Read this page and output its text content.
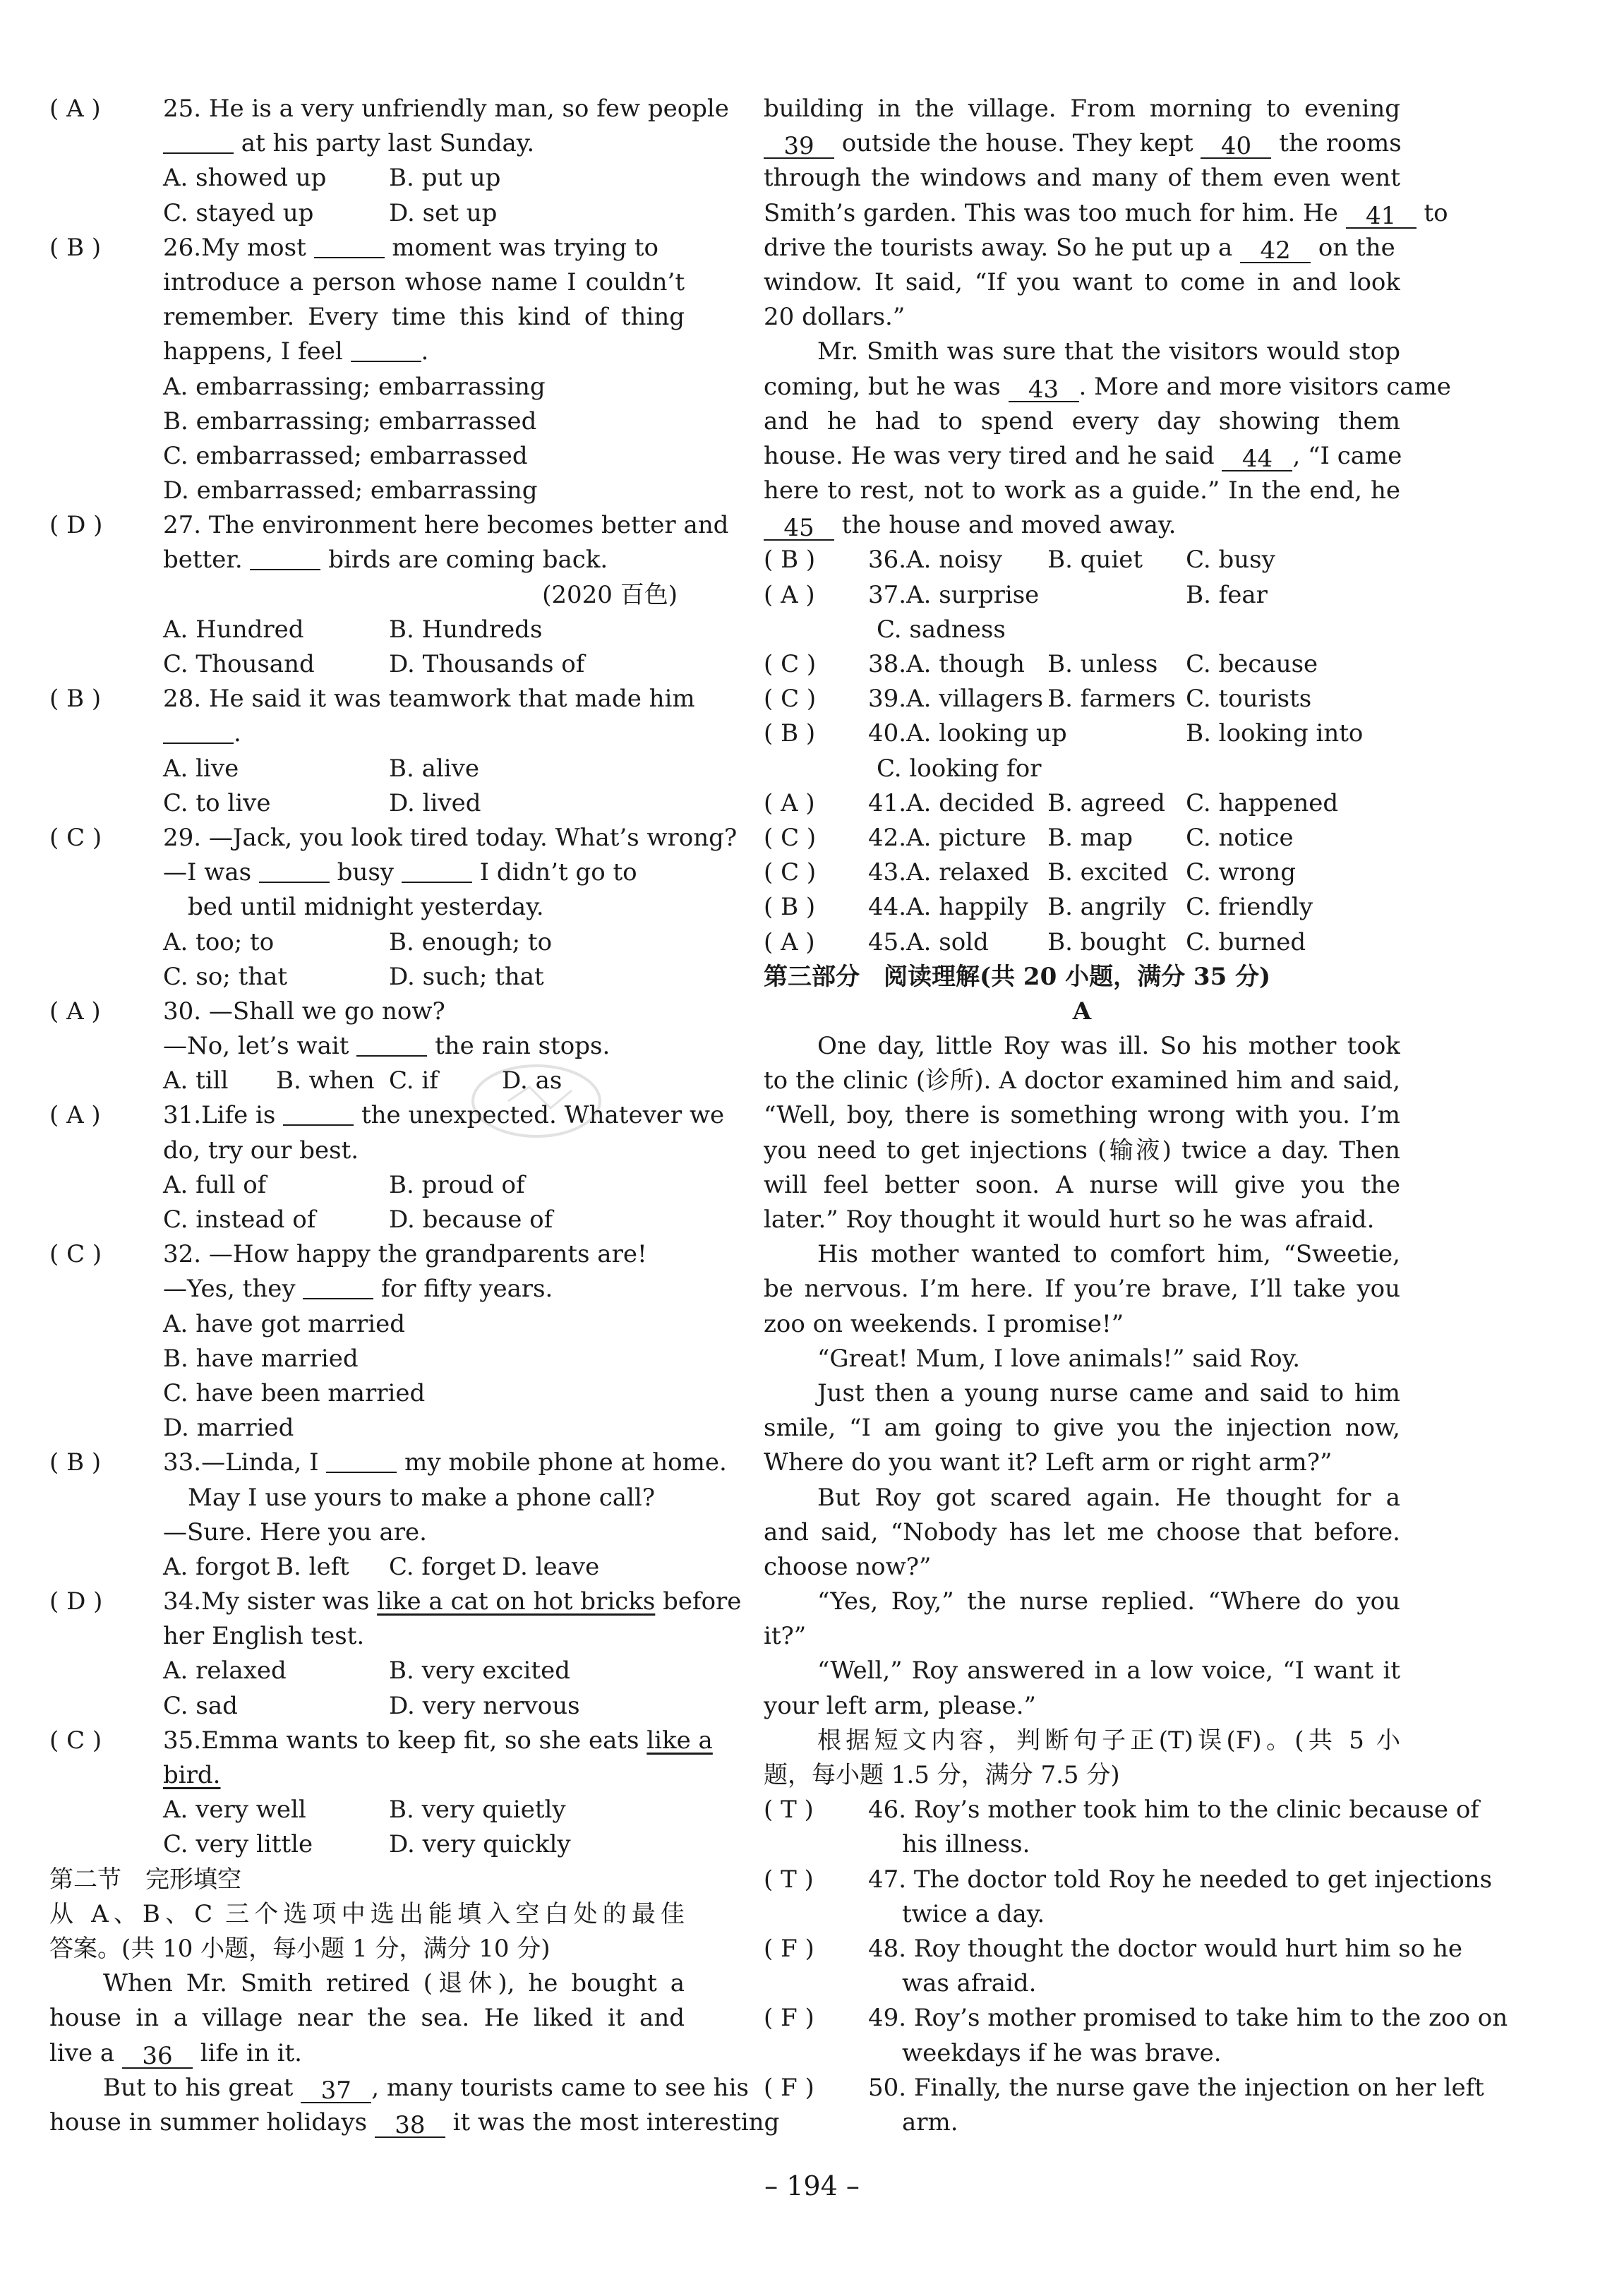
( A )	25. He is a very unfriendly man, so few people
at his party last Sunday.
A. showed up	B. put up
C. stayed up	D. set up
( B )	26.My most	moment was trying to
introduce a person whose name I couldn’t
remember. Every time this kind of thing
happens, I feel	.
A. embarrassing; embarrassing
B. embarrassing; embarrassed
C. embarrassed; embarrassed
D. embarrassed; embarrassing
( D )	27. The environment here becomes better and
better.	birds are coming back.
(2020 百色)
A. Hundred	B. Hundreds
C. Thousand	D. Thousands of
( B )	28. He said it was teamwork that made him
.
A. live	B. alive
C. to live	D. lived
( C )	29. —Jack, you look tired today. What’s wrong?
—I was	busy	I didn’t go to
bed until midnight yesterday.
A. too; to	B. enough; to
C. so; that	D. such; that
( A )	30. —Shall we go now?
—No, let’s wait	the rain stops.
A. till B. when C. if	D. as
( A )	31.Life is	the unexpected. Whatever we
do, try our best.
A. full of	B. proud of
C. instead of	D. because of
( C )	32. —How happy the grandparents are!
—Yes, they	for fifty years.
A. have got married
B. have married
C. have been married
D. married
( B )	33.—Linda, I	my mobile phone at home.
May I use yours to make a phone call?
—Sure. Here you are.
A. forgot B. left C. forget D. leave
( D )	34.My sister was like a cat on hot bricks before
her English test.
A. relaxed	B. very excited
C. sad	D. very nervous
( C )	35.Emma wants to keep fit, so she eats like a
bird.
A. very well	B. very quietly
C. very little	D. very quickly
第二节　完形填空
从 A、B、C 三个选项中选出能填入空白处的最佳
答案。(共 10 小题，每小题 1 分，满分 10 分)
When Mr. Smith retired (退休), he bought a
house in a village near the sea. He liked it and
live a 36 life in it.
But to his great 37 , many tourists came to see his
house in summer holidays 38 it was the most interesting
building in the village. From morning to evening
39 outside the house. They kept 40 the rooms
through the windows and many of them even went
Smith’s garden. This was too much for him. He 41 to
drive the tourists away. So he put up a 42 on the
window. It said, “If you want to come in and look
20 dollars.”
Mr. Smith was sure that the visitors would stop
coming, but he was 43 . More and more visitors came
and he had to spend every day showing them
house. He was very tired and he said 44 , “I came
here to rest, not to work as a guide.” In the end, he
45 the house and moved away.
( B ) 36.A. noisy B. quiet C. busy
( A ) 37.A. surprise	B. fear
C. sadness
( C ) 38.A. though B. unless C. because
( C ) 39.A. villagers B. farmers C. tourists
( B ) 40.A. looking up	B. looking into
C. looking for
( A ) 41.A. decided B. agreed C. happened
( C ) 42.A. picture B. map C. notice
( C ) 43.A. relaxed B. excited C. wrong
( B ) 44.A. happily B. angrily C. friendly
( A ) 45.A. sold B. bought C. burned
第三部分　阅读理解(共 20 小题，满分 35 分)
A
One day, little Roy was ill. So his mother took
to the clinic (诊所). A doctor examined him and said,
“Well, boy, there is something wrong with you. I’m
you need to get injections (输液) twice a day. Then
will feel better soon. A nurse will give you the
later.” Roy thought it would hurt so he was afraid.
His mother wanted to comfort him, “Sweetie,
be nervous. I’m here. If you’re brave, I’ll take you
zoo on weekends. I promise!”
“Great! Mum, I love animals!” said Roy.
Just then a young nurse came and said to him
smile, “I am going to give you the injection now,
Where do you want it? Left arm or right arm?”
But Roy got scared again. He thought for a
and said, “Nobody has let me choose that before.
choose now?”
“Yes, Roy,” the nurse replied. “Where do you
it?”
“Well,” Roy answered in a low voice, “I want it
your left arm, please.”
根据短文内容，判断句子正(T)误(F)。(共 5 小
题，每小题 1.5 分，满分 7.5 分)
( T ) 46. Roy’s mother took him to the clinic because of
his illness.
( T ) 47. The doctor told Roy he needed to get injections
twice a day.
( F ) 48. Roy thought the doctor would hurt him so he
was afraid.
( F ) 49. Roy’s mother promised to take him to the zoo on
weekdays if he was brave.
( F ) 50. Finally, the nurse gave the injection on her left
arm.
– 194 –
